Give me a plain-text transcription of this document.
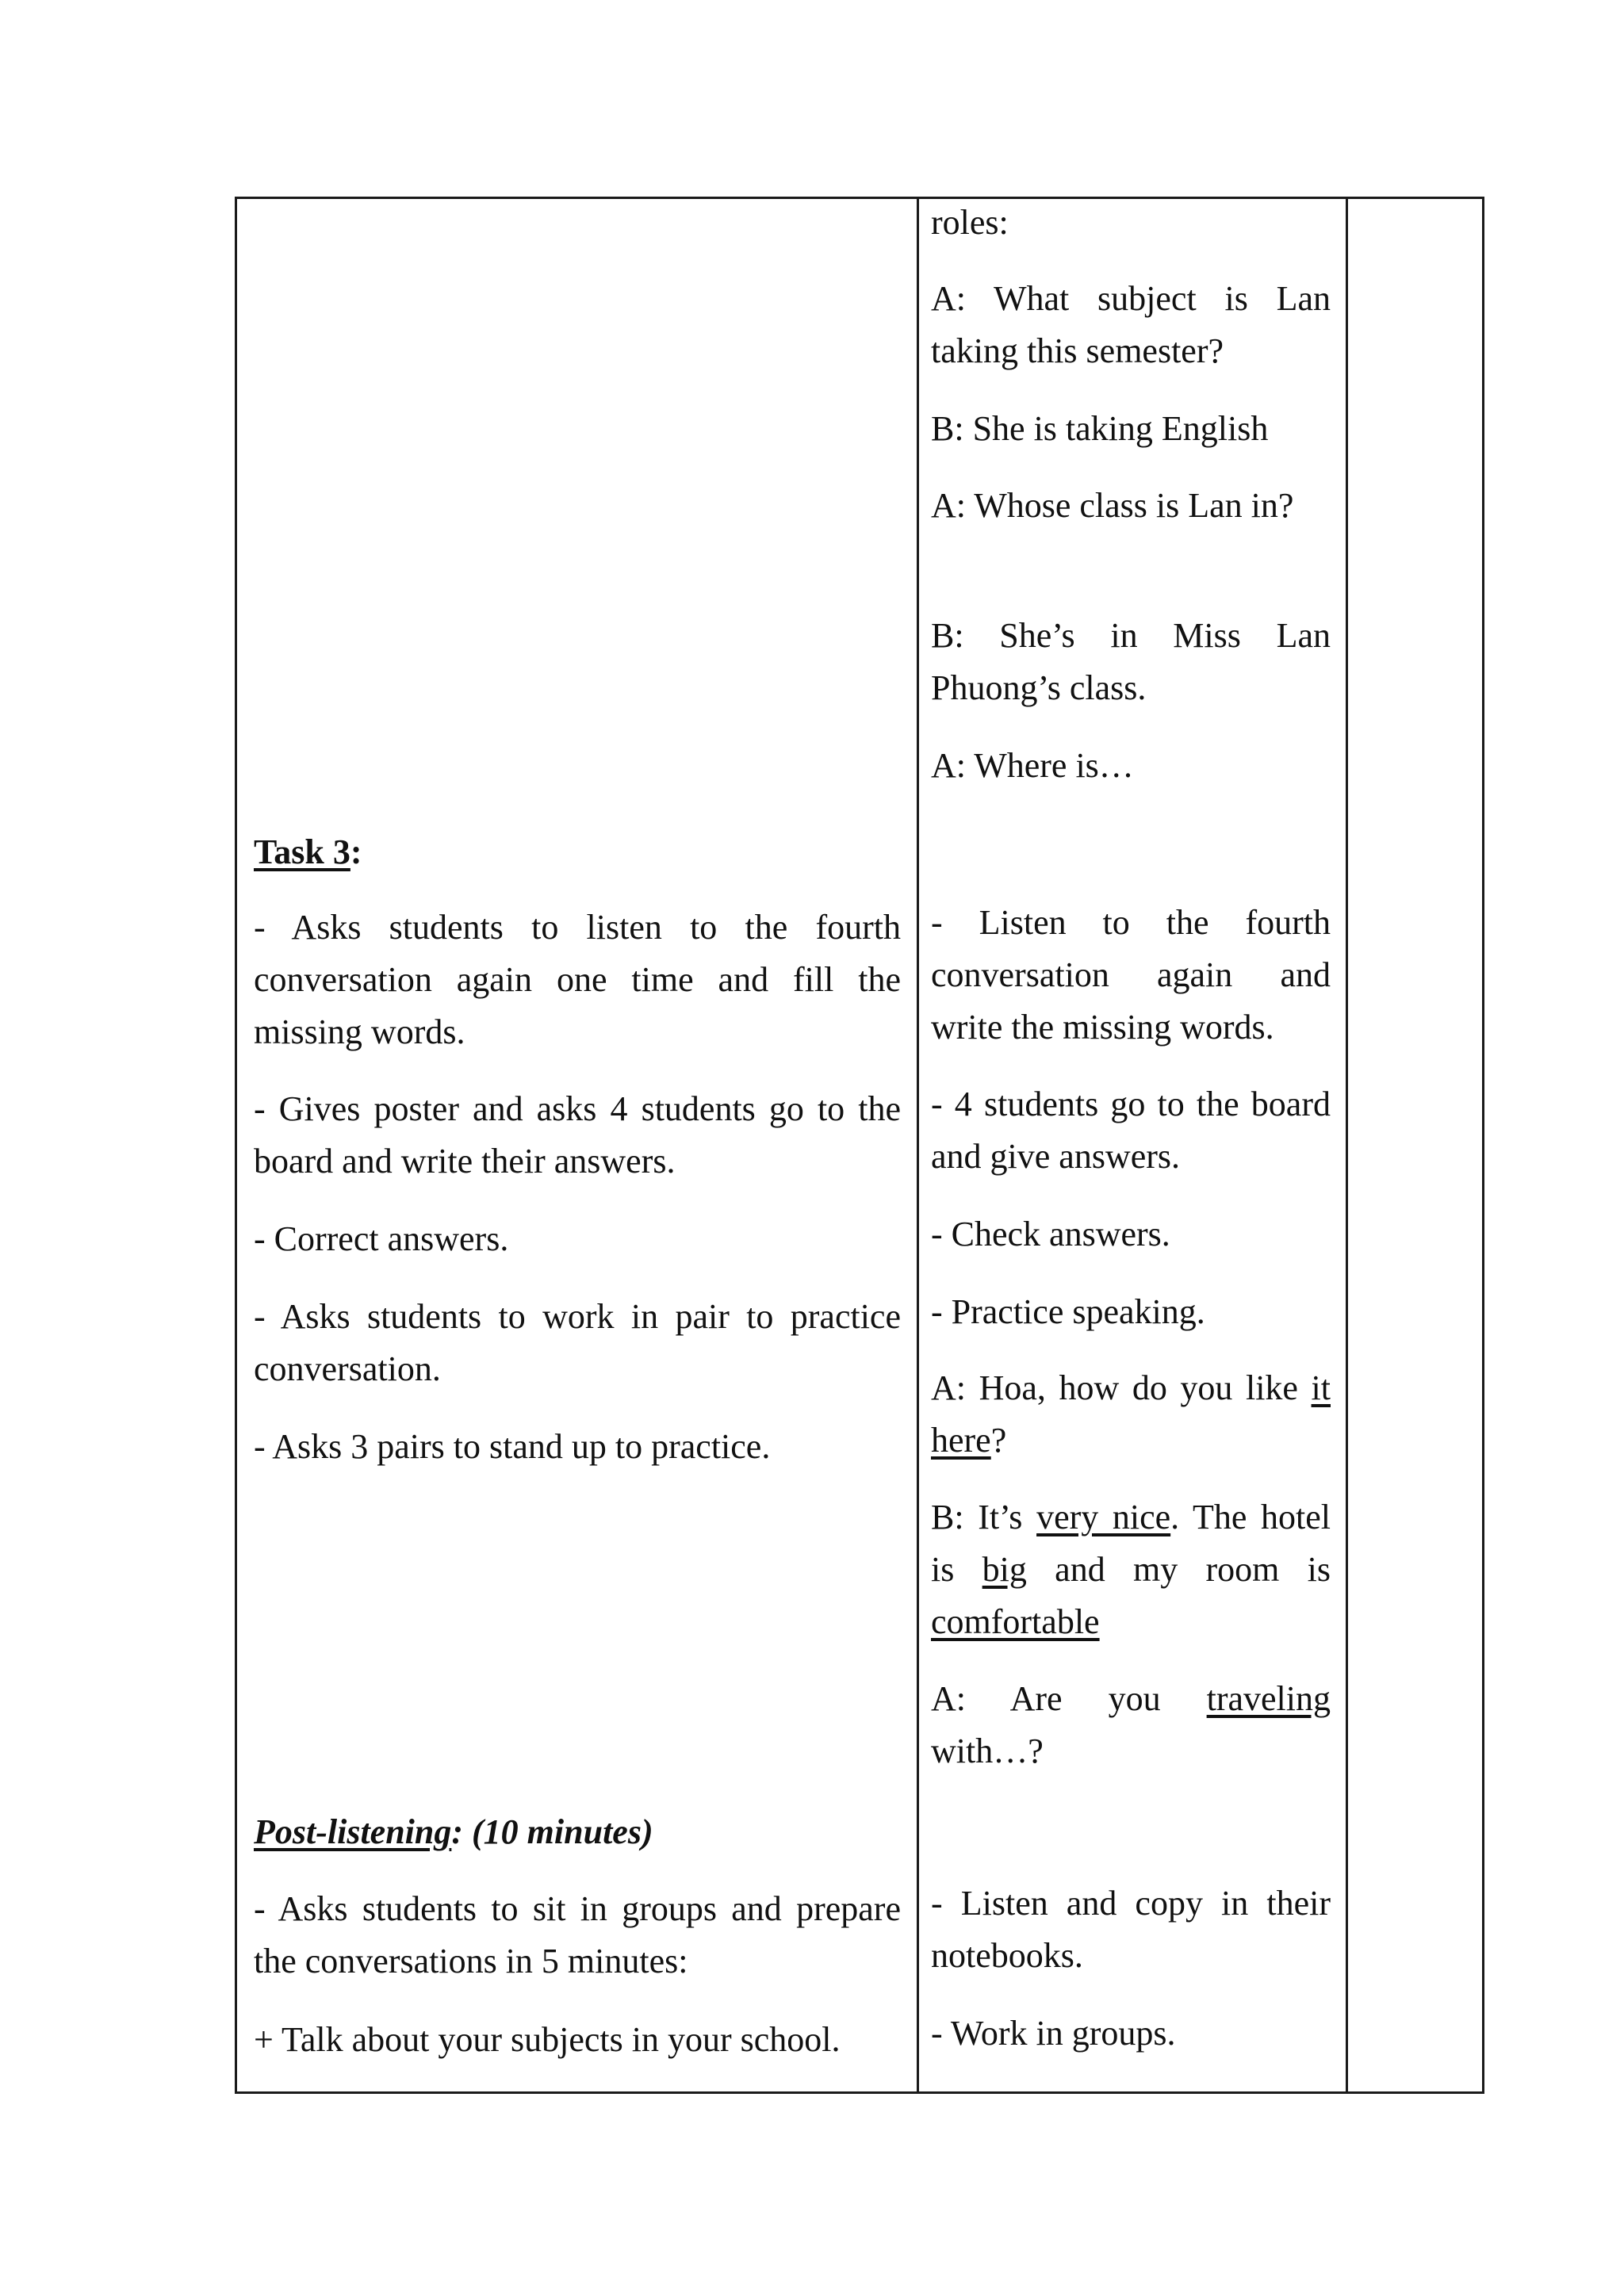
Task 3:

- Asks students to listen to the fourth conversation again one time and fill the missing words.

- Gives poster and asks 4 students go to the board and write their answers.

- Correct answers.

- Asks students to work in pair to practice conversation.

- Asks 3 pairs to stand up to practice.

Post-listening: (10 minutes)

- Asks students to sit in groups and prepare the conversations in 5 minutes:

+ Talk about your subjects in your school.

roles:

A: What subject is Lan taking this semester?

B: She is taking English

A: Whose class is Lan in?

B: She’s in Miss Lan Phuong’s class.

A: Where is…

- Listen to the fourth conversation again and write the missing words.

- 4 students go to the board and give answers.

- Check answers.

- Practice speaking.

A: Hoa, how do you like it here?

B: It’s very nice. The hotel is big and my room is comfortable

A: Are you traveling with…?

- Listen and copy in their notebooks.

- Work in groups.
